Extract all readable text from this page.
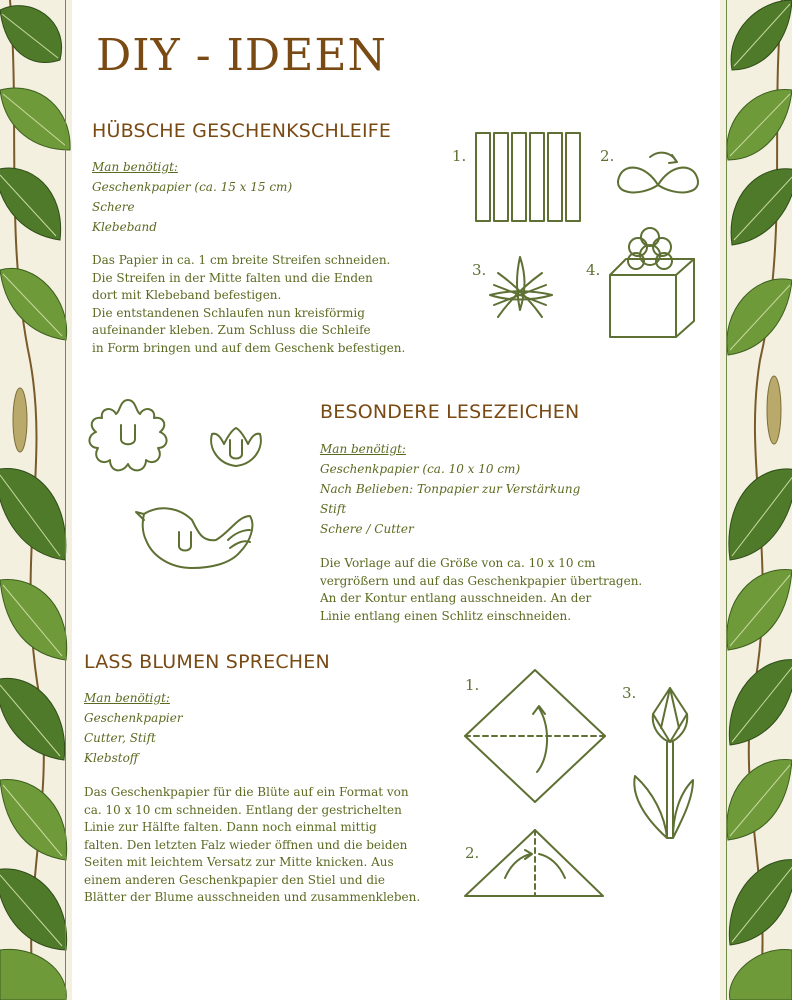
DIY - IDEEN
HÜBSCHE GESCHENKSCHLEIFE
Man benötigt:
Geschenkpapier (ca. 15 x 15 cm)
Schere
Klebeband
Das Papier in ca. 1 cm breite Streifen schneiden.
Die Streifen in der Mitte falten und die Enden
dort mit Klebeband befestigen.
Die entstandenen Schlaufen nun kreisförmig
aufeinander kleben. Zum Schluss die Schleife
in Form bringen und auf dem Geschenk befestigen.
1.	2.
3.	4.
BESONDERE LESEZEICHEN
Man benötigt:
Geschenkpapier (ca. 10 x 10 cm)
Nach Belieben: Tonpapier zur Verstärkung
Stift
Schere / Cutter
Die Vorlage auf die Größe von ca. 10 x 10 cm
vergrößern und auf das Geschenkpapier übertragen.
An der Kontur entlang ausschneiden. An der
Linie entlang einen Schlitz einschneiden.
LASS BLUMEN SPRECHEN
Man benötigt:
Geschenkpapier
Cutter, Stift
Klebstoff
Das Geschenkpapier für die Blüte auf ein Format von
ca. 10 x 10 cm schneiden. Entlang der gestrichelten
Linie zur Hälfte falten. Dann noch einmal mittig
falten. Den letzten Falz wieder öffnen und die beiden
Seiten mit leichtem Versatz zur Mitte knicken. Aus
einem anderen Geschenkpapier den Stiel und die
Blätter der Blume ausschneiden und zusammenkleben.
1.
2.
3.
